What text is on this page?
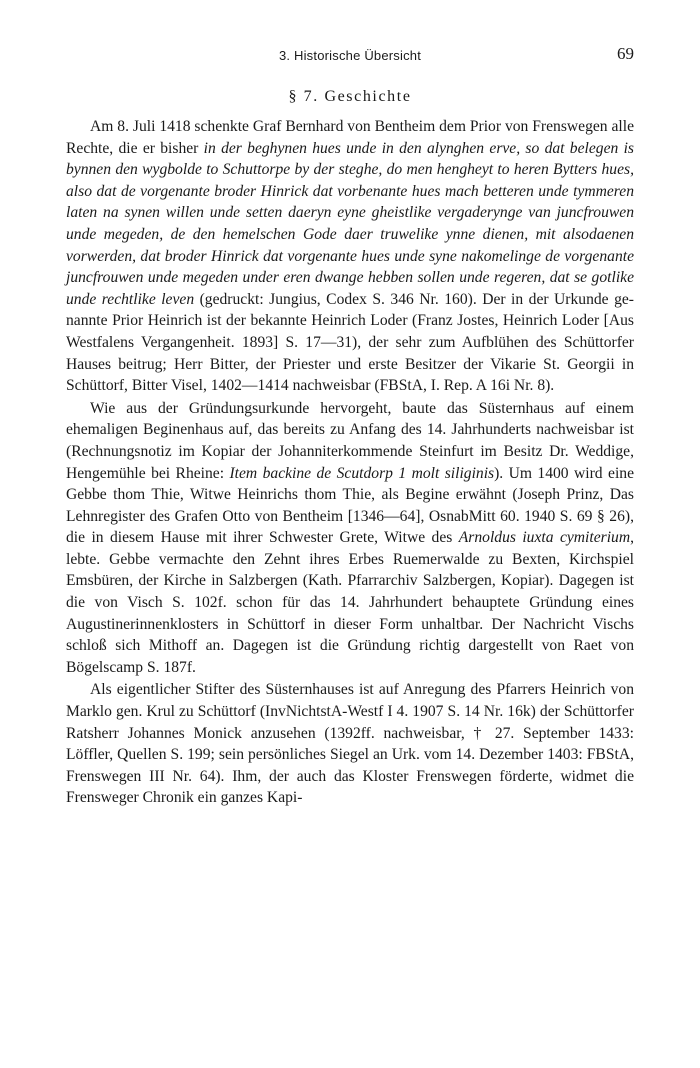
3. Historische Übersicht	69
§ 7. Geschichte

Am 8. Juli 1418 schenkte Graf Bernhard von Bentheim dem Prior von Frenswegen alle Rechte, die er bisher in der beghynen hues unde in den alynghen erve, so dat belegen is bynnen den wygbolde to Schuttorpe by der steghe, do men hengheyt to heren Bytters hues, also dat de vorgenante broder Hinrick dat vorbenante hues mach betteren unde tymmeren laten na synen willen unde setten daeryn eyne gheistlike vergaderynge van juncfrouwen unde megeden, de den hemelschen Gode daer truwelike ynne dienen, mit alsodaenen vorwerden, dat broder Hinrick dat vorgenante hues unde syne nakomelinge de vorgenante juncfrouwen unde megeden under eren dwange hebben sollen unde regeren, dat se gotlike unde rechtlike leven (gedruckt: Jungius, Codex S. 346 Nr. 160). Der in der Urkunde genannte Prior Heinrich ist der bekannte Heinrich Loder (Franz Jostes, Heinrich Loder [Aus Westfalens Vergangenheit. 1893] S. 17—31), der sehr zum Aufblühen des Schüttorfer Hauses beitrug; Herr Bitter, der Priester und erste Besitzer der Vikarie St. Georgii in Schüttorf, Bitter Visel, 1402—1414 nachweisbar (FBStA, I. Rep. A 16i Nr. 8).

Wie aus der Gründungsurkunde hervorgeht, baute das Süsternhaus auf einem ehemaligen Beginenhaus auf, das bereits zu Anfang des 14. Jahrhunderts nachweisbar ist (Rechnungsnotiz im Kopiar der Johanniterkommende Steinfurt im Besitz Dr. Weddige, Hengemühle bei Rheine: Item backine de Scutdorp 1 molt siliginis). Um 1400 wird eine Gebbe thom Thie, Witwe Heinrichs thom Thie, als Begine erwähnt (Joseph Prinz, Das Lehnregister des Grafen Otto von Bentheim [1346—64], OsnabMitt 60. 1940 S. 69 § 26), die in diesem Hause mit ihrer Schwester Grete, Witwe des Arnoldus iuxta cymiterium, lebte. Gebbe vermachte den Zehnt ihres Erbes Ruemerwalde zu Bexten, Kirchspiel Emsbüren, der Kirche in Salzbergen (Kath. Pfarrarchiv Salzbergen, Kopiar). Dagegen ist die von Visch S. 102f. schon für das 14. Jahrhundert behauptete Gründung eines Augustinerinnenklosters in Schüttorf in dieser Form unhaltbar. Der Nachricht Vischs schloß sich Mithoff an. Dagegen ist die Gründung richtig dargestellt von Raet von Bögelscamp S. 187f.

Als eigentlicher Stifter des Süsternhauses ist auf Anregung des Pfarrers Heinrich von Marklo gen. Krul zu Schüttorf (InvNichtstA-Westf I 4. 1907 S. 14 Nr. 16k) der Schüttorfer Ratsherr Johannes Monick anzusehen (1392ff. nachweisbar, † 27. September 1433: Löffler, Quellen S. 199; sein persönliches Siegel an Urk. vom 14. Dezember 1403: FBStA, Frenswegen III Nr. 64). Ihm, der auch das Kloster Frenswegen förderte, widmet die Frensweger Chronik ein ganzes Kapi-
